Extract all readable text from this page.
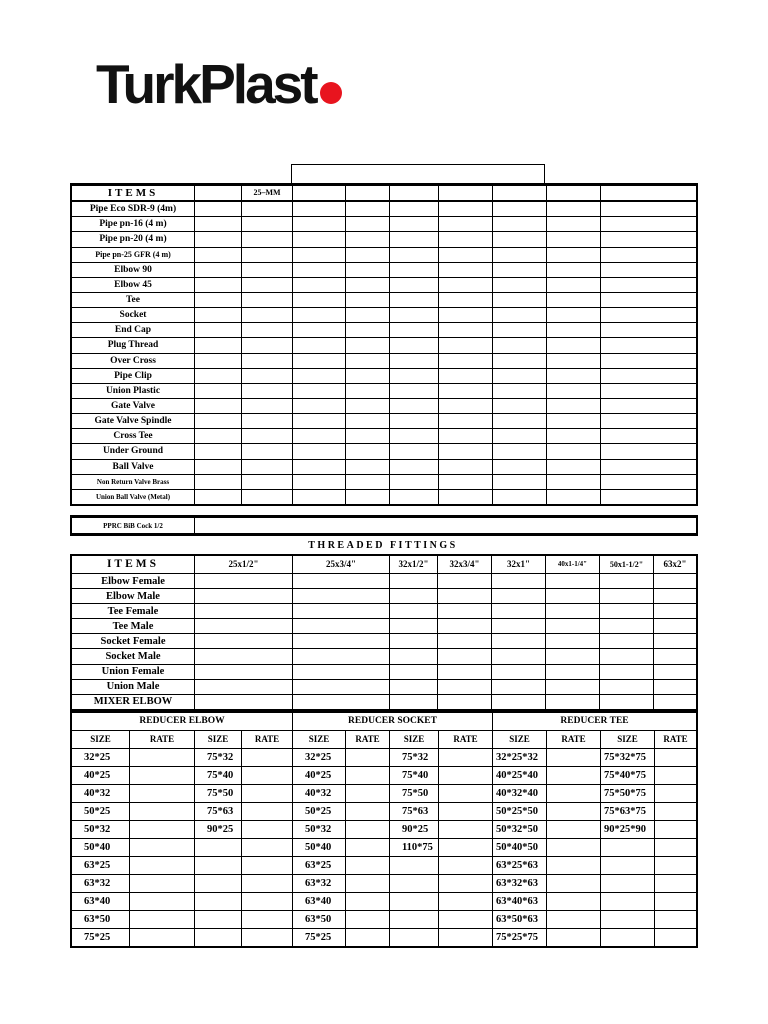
TurkPlast
ITEMS		25–MM							
Pipe Eco SDR-9 (4m)									
Pipe pn-16 (4 m)									
Pipe pn-20 (4 m)									
Pipe pn-25 GFR (4 m)									
Elbow 90									
Elbow 45									
Tee									
Socket									
End Cap									
Plug Thread									
Over Cross									
Pipe Clip									
Union Plastic									
Gate Valve									
Gate Valve Spindle									
Cross Tee									
Under Ground									
Ball Valve									
Non Return Valve Brass									
Union Ball Valve (Metal)									
PPRC BiB Cock 1/2	
THREADED FITTINGS
ITEMS	25x1/2"	25x3/4"	32x1/2"	32x3/4"	32x1"	40x1-1/4"	50x1-1/2"	63x2"
Elbow Female								
Elbow Male								
Tee Female								
Tee Male								
Socket Female								
Socket Male								
Union Female								
Union Male								
MIXER ELBOW								
REDUCER ELBOW				REDUCER SOCKET				REDUCER TEE			
SIZE	RATE	SIZE	RATE	SIZE	RATE	SIZE	RATE	SIZE	RATE	SIZE	RATE
32*25		75*32		32*25		75*32		32*25*32		75*32*75	
40*25		75*40		40*25		75*40		40*25*40		75*40*75	
40*32		75*50		40*32		75*50		40*32*40		75*50*75	
50*25		75*63		50*25		75*63		50*25*50		75*63*75	
50*32		90*25		50*32		90*25		50*32*50		90*25*90	
50*40				50*40		110*75		50*40*50			
63*25				63*25				63*25*63			
63*32				63*32				63*32*63			
63*40				63*40				63*40*63			
63*50				63*50				63*50*63			
75*25				75*25				75*25*75			
